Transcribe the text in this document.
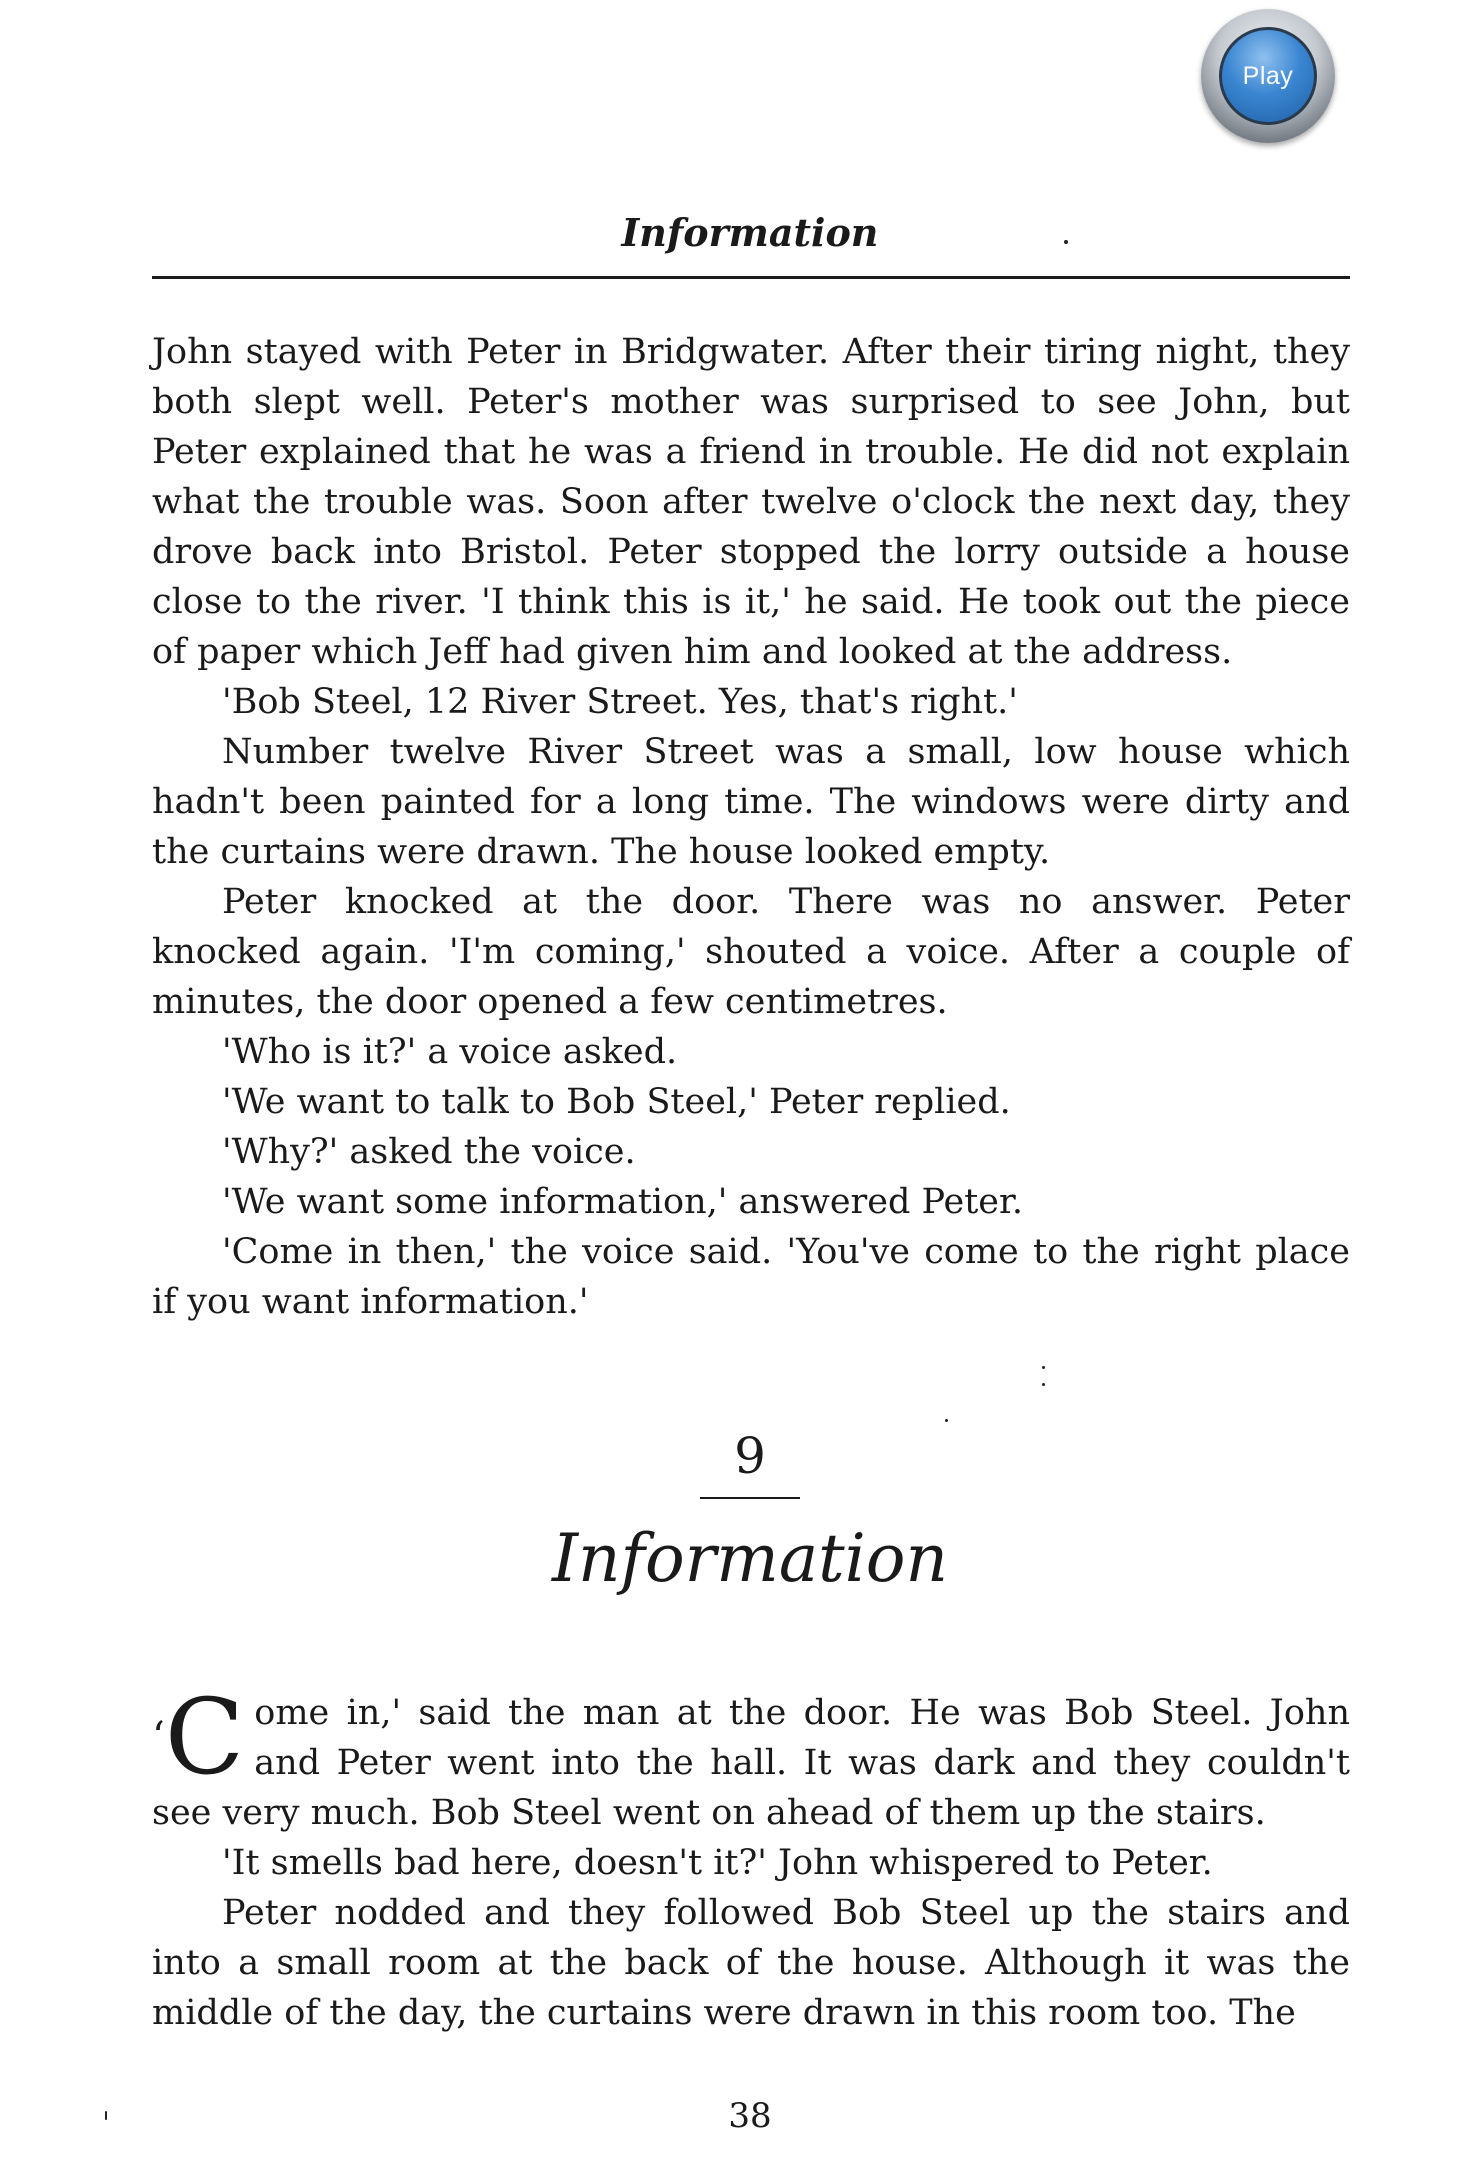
Play
Information

John stayed with Peter in Bridgwater. After their tiring night, they both slept well. Peter's mother was surprised to see John, but Peter explained that he was a friend in trouble. He did not explain what the trouble was. Soon after twelve o'clock the next day, they drove back into Bristol. Peter stopped the lorry outside a house close to the river. 'I think this is it,' he said. He took out the piece of paper which Jeff had given him and looked at the address.

'Bob Steel, 12 River Street. Yes, that's right.'

Number twelve River Street was a small, low house which hadn't been painted for a long time. The windows were dirty and the curtains were drawn. The house looked empty.

Peter knocked at the door. There was no answer. Peter knocked again. 'I'm coming,' shouted a voice. After a couple of minutes, the door opened a few centimetres.

'Who is it?' a voice asked.

'We want to talk to Bob Steel,' Peter replied.

'Why?' asked the voice.

'We want some information,' answered Peter.

'Come in then,' the voice said. 'You've come to the right place if you want information.'

9
Information

‘C ome in,' said the man at the door. He was Bob Steel. John and Peter went into the hall. It was dark and they couldn't see very much. Bob Steel went on ahead of them up the stairs.

'It smells bad here, doesn't it?' John whispered to Peter.

Peter nodded and they followed Bob Steel up the stairs and into a small room at the back of the house. Although it was the middle of the day, the curtains were drawn in this room too. The

38
